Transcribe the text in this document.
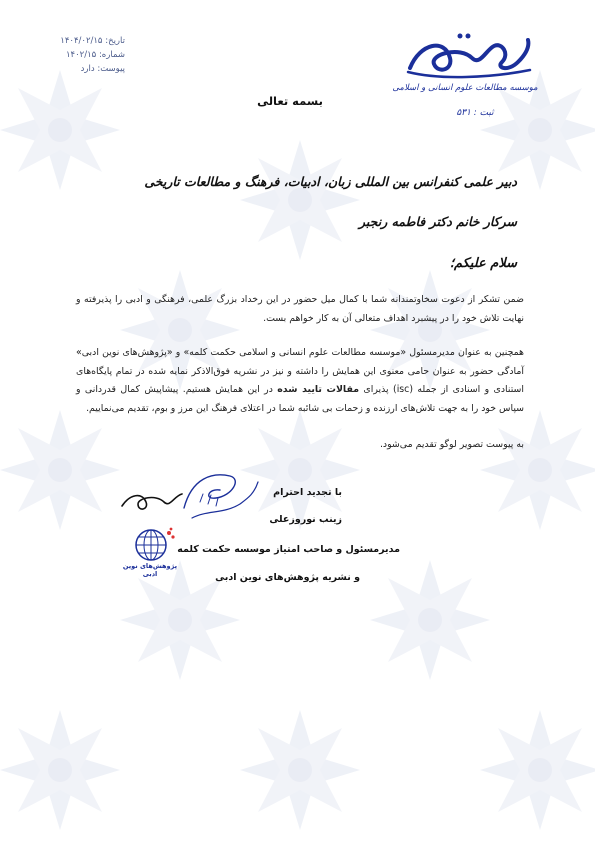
تاریخ: ۱۴۰۴/۰۲/۱۵
شماره: ۱۴۰۲/۱۵
پیوست: دارد
موسسه مطالعات علوم انسانی و اسلامی
ثبت : ۵۳۱
بسمه تعالی
دبیر علمی کنفرانس بین المللی زبان، ادبیات، فرهنگ و مطالعات تاریخی
سرکار خانم دکتر فاطمه رنجبر
سلام علیکم؛
ضمن تشکر از دعوت سخاوتمندانه شما با کمال میل حضور در این رخداد بزرگ علمی، فرهنگی و ادبی را پذیرفته و نهایت تلاش خود را در پیشبرد اهداف متعالی آن به کار خواهم بست.
همچنین به عنوان مدیرمسئول «موسسه مطالعات علوم انسانی و اسلامی حکمت کلمه» و «پژوهش‌های نوین ادبی» آمادگی حضور به عنوان حامی معنوی این همایش را داشته و نیز در نشریه فوق‌الاذکر نمایه شده در تمام پایگاه‌های استنادی و اسنادی از جمله (isc) پذیرای مقالات تایید شده در این همایش هستیم. پیشاپیش کمال قدردانی و سپاس خود را به جهت تلاش‌های ارزنده و زحمات بی شائبه شما در اعتلای فرهنگ این مرز و بوم، تقدیم می‌نماییم.
به پیوست تصویر لوگو تقدیم می‌شود.
پژوهش‌های نوین ادبی
با تجدید احترام
زینب نوروزعلی
مدیرمسئول و صاحب امتیاز موسسه حکمت کلمه
و نشریه پژوهش‌های نوین ادبی
